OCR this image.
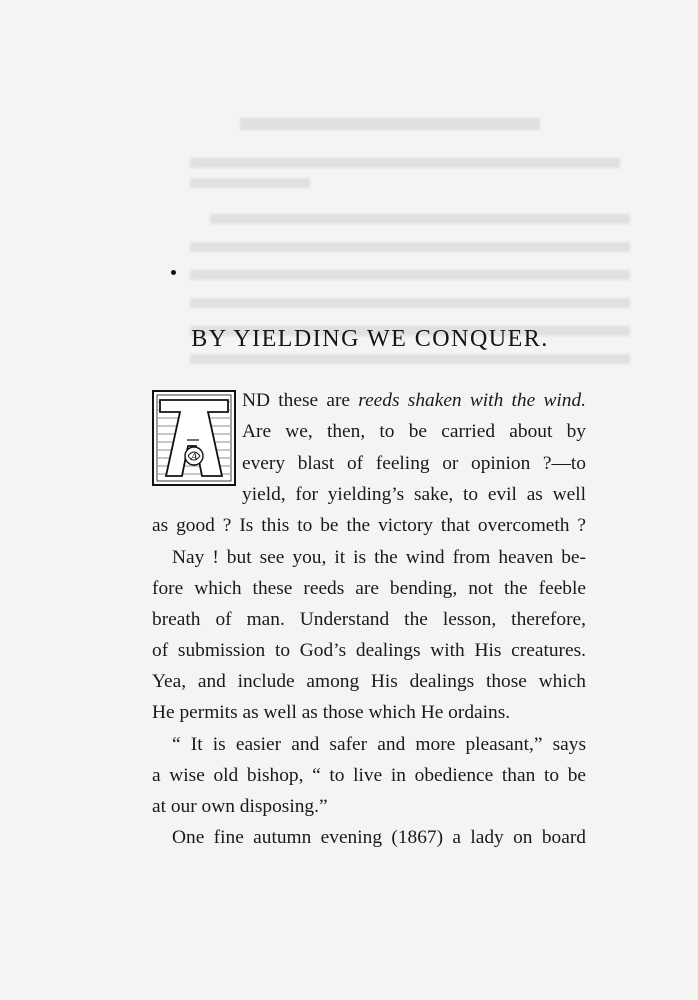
BY YIELDING WE CONQUER.
A
ND these are reeds shaken with the wind.
Are we, then, to be carried about by
every blast of feeling or opinion ?—to
yield, for yielding’s sake, to evil as well
as good ? Is this to be the victory that overcometh ?
Nay ! but see you, it is the wind from heaven be-
fore which these reeds are bending, not the feeble
breath of man. Understand the lesson, therefore,
of submission to God’s dealings with His creatures.
Yea, and include among His dealings those which
He permits as well as those which He ordains.
“ It is easier and safer and more pleasant,” says
a wise old bishop, “ to live in obedience than to be
at our own disposing.”
One fine autumn evening (1867) a lady on board
